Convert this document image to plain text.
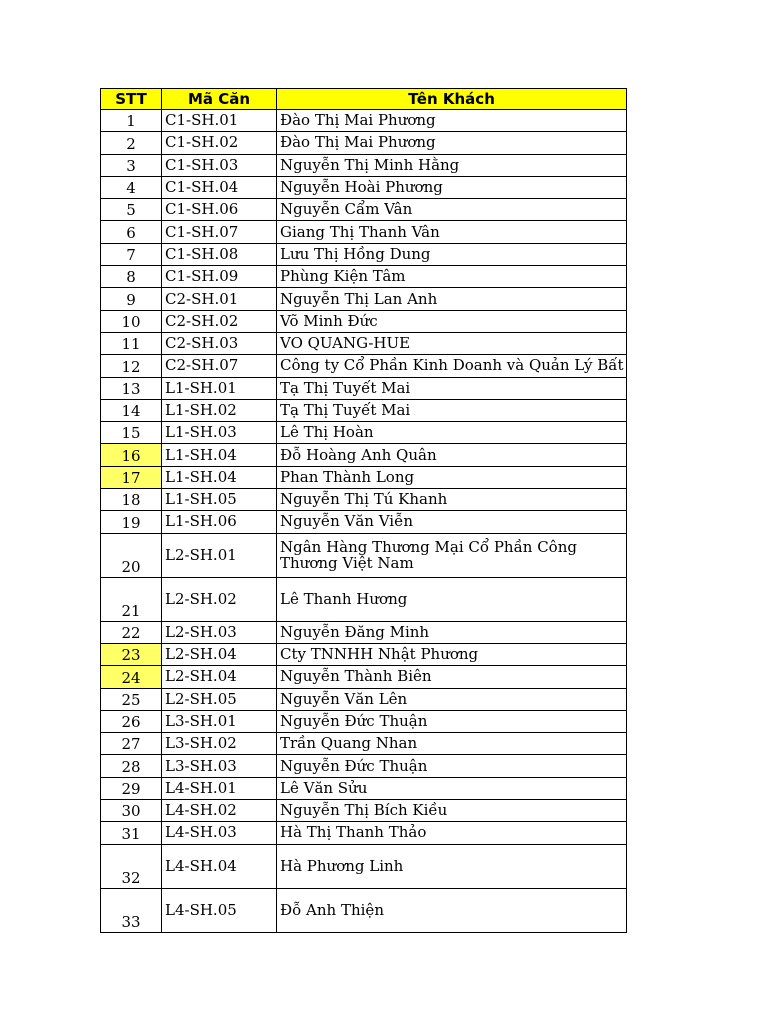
STT	Mã Căn	Tên Khách
1	C1-SH.01	Đào Thị Mai Phương
2	C1-SH.02	Đào Thị Mai Phương
3	C1-SH.03	Nguyễn Thị Minh Hằng
4	C1-SH.04	Nguyễn Hoài Phương
5	C1-SH.06	Nguyễn Cẩm Vân
6	C1-SH.07	Giang Thị Thanh Vân
7	C1-SH.08	Lưu Thị Hồng Dung
8	C1-SH.09	Phùng Kiện Tâm
9	C2-SH.01	Nguyễn Thị Lan Anh
10	C2-SH.02	Võ Minh Đức
11	C2-SH.03	VO QUANG-HUE
12	C2-SH.07	Công ty Cổ Phần Kinh Doanh và Quản Lý Bất
13	L1-SH.01	Tạ Thị Tuyết Mai
14	L1-SH.02	Tạ Thị Tuyết Mai
15	L1-SH.03	Lê Thị Hoàn
16	L1-SH.04	Đỗ Hoàng Anh Quân
17	L1-SH.04	Phan Thành Long
18	L1-SH.05	Nguyễn Thị Tú Khanh
19	L1-SH.06	Nguyễn Văn Viễn
20	L2-SH.01	Ngân Hàng Thương Mại Cổ Phần Công Thương Việt Nam
21	L2-SH.02	Lê Thanh Hương
22	L2-SH.03	Nguyễn Đăng Minh
23	L2-SH.04	Cty TNNHH Nhật Phương
24	L2-SH.04	Nguyễn Thành Biên
25	L2-SH.05	Nguyễn Văn Lên
26	L3-SH.01	Nguyễn Đức Thuận
27	L3-SH.02	Trần Quang Nhan
28	L3-SH.03	Nguyễn Đức Thuận
29	L4-SH.01	Lê Văn Sửu
30	L4-SH.02	Nguyễn Thị Bích Kiều
31	L4-SH.03	Hà Thị Thanh Thảo
32	L4-SH.04	Hà Phương Linh
33	L4-SH.05	Đỗ Anh Thiện
